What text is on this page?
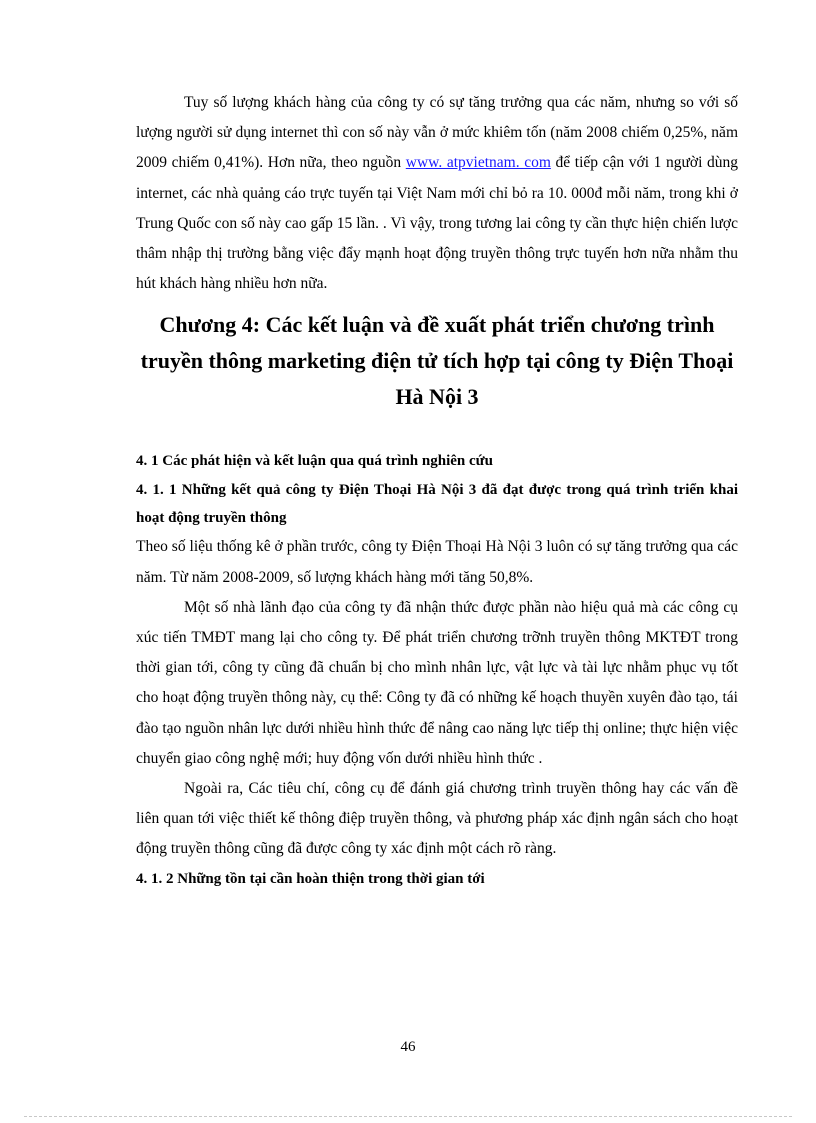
Tuy số lượng khách hàng của công ty có sự tăng trưởng qua các năm, nhưng so với số lượng người sử dụng internet thì con số này vẫn ở mức khiêm tốn (năm 2008 chiếm 0,25%, năm 2009 chiếm 0,41%). Hơn nữa, theo nguồn www. atpvietnam. com để tiếp cận với 1 người dùng internet, các nhà quảng cáo trực tuyến tại Việt Nam mới chỉ bỏ ra 10. 000đ mỗi năm, trong khi ở Trung Quốc con số này cao gấp 15 lần. . Vì vậy, trong tương lai công ty cần thực hiện chiến lược thâm nhập thị trường bằng việc đẩy mạnh hoạt động truyền thông trực tuyến hơn nữa nhằm thu hút khách hàng nhiều hơn nữa.

Chương 4: Các kết luận và đề xuất phát triển chương trình truyền thông marketing điện tử tích hợp tại công ty Điện Thoại Hà Nội 3

4. 1 Các phát hiện và kết luận qua quá trình nghiên cứu

4. 1. 1 Những kết quả công ty Điện Thoại Hà Nội 3 đã đạt được trong quá trình triển khai hoạt động truyền thông

Theo số liệu thống kê ở phần trước, công ty Điện Thoại Hà Nội 3 luôn có sự tăng trưởng qua các năm. Từ năm 2008-2009, số lượng khách hàng mới tăng 50,8%.

Một số nhà lãnh đạo của công ty đã nhận thức được phần nào hiệu quả mà các công cụ xúc tiến TMĐT mang lại cho công ty. Để phát triển chương trỡnh truyền thông MKTĐT trong thời gian tới, công ty cũng đã chuẩn bị cho mình nhân lực, vật lực và tài lực nhằm phục vụ tốt cho hoạt động truyền thông này, cụ thể: Công ty đã có những kế hoạch thuyền xuyên đào tạo, tái đào tạo nguồn nhân lực dưới nhiều hình thức để nâng cao năng lực tiếp thị online; thực hiện việc chuyển giao công nghệ mới; huy động vốn dưới nhiều hình thức .

Ngoài ra, Các tiêu chí, công cụ để đánh giá chương trình truyền thông hay các vấn đề liên quan tới việc thiết kế thông điệp truyền thông, và phương pháp xác định ngân sách cho hoạt động truyền thông cũng đã được công ty xác định một cách rõ ràng.

4. 1. 2 Những tồn tại cần hoàn thiện trong thời gian tới

46
